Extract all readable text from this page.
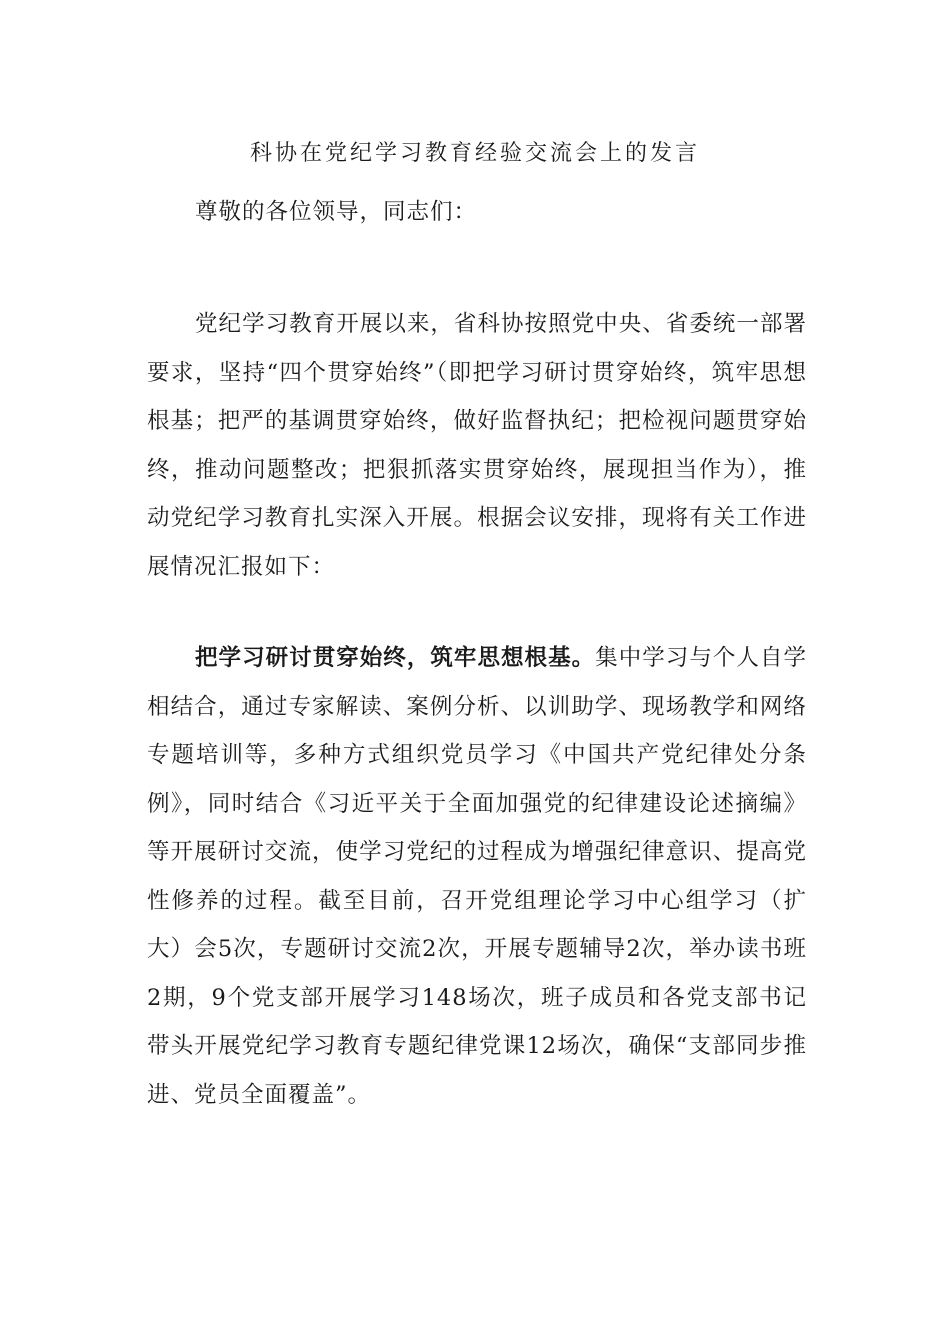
科协在党纪学习教育经验交流会上的发言

尊敬的各位领导，同志们：

党纪学习教育开展以来，省科协按照党中央、省委统一部署要求，坚持“四个贯穿始终”（即把学习研讨贯穿始终，筑牢思想根基；把严的基调贯穿始终，做好监督执纪；把检视问题贯穿始终，推动问题整改；把狠抓落实贯穿始终，展现担当作为），推动党纪学习教育扎实深入开展。根据会议安排，现将有关工作进展情况汇报如下：

把学习研讨贯穿始终，筑牢思想根基。集中学习与个人自学相结合，通过专家解读、案例分析、以训助学、现场教学和网络专题培训等，多种方式组织党员学习《中国共产党纪律处分条例》，同时结合《习近平关于全面加强党的纪律建设论述摘编》等开展研讨交流，使学习党纪的过程成为增强纪律意识、提高党性修养的过程。截至目前，召开党组理论学习中心组学习（扩大）会5次，专题研讨交流2次，开展专题辅导2次，举办读书班2期，9个党支部开展学习148场次，班子成员和各党支部书记带头开展党纪学习教育专题纪律党课12场次，确保“支部同步推进、党员全面覆盖”。
